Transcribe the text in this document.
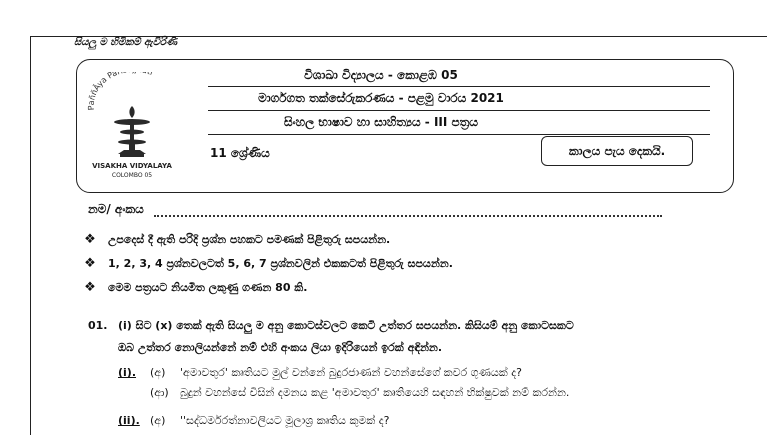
සියලු ම හිමිකම් ඇවිරිණි
PaññĀya Pa i
VISAKHA VIDYALAYA
COLOMBO 05
විශාඛා විද්‍යාලය - කොළඹ 05
මාර්ගගත තක්සේරුකරණය - පළමු වාරය 2021
සිංහල භාෂාව හා සාහිත්‍යය - III පත්‍රය
11 ශ්‍රේණිය	කාලය පැය දෙකයි.
නම/ අංකය
❖ උපදෙස් දී ඇති පරිදි ප්‍රශ්න පහකට පමණක් පිළිතුරු සපයන්න.
❖ 1, 2, 3, 4 ප්‍රශ්නවලටත් 5, 6, 7 ප්‍රශ්නවලින් එකකටත් පිළිතුරු සපයන්න.
❖ මෙම පත්‍රයට නියමිත ලකුණු ගණන 80 කි.
01. (i) සිට (x) තෙක් ඇති සියලු ම අනු කොටස්වලට කෙටි උත්තර සපයන්න. කිසියම් අනු කොටසකට
ඔබ උත්තර නොලියන්නේ නම් එහි අංකය ලියා ඉදිරියෙන් ඉරක් අඳින්න.
(i). (අ) 'අමාවතුර' කෘතියට මුල් වන්නේ බුදුරජාණන් වහන්සේගේ කවර ගුණයක් ද?
(ආ) බුදුන් වහන්සේ විසින් දමනය කළ 'අමාවතුර' කෘතියෙහි සඳහන් භික්ෂුවක් නම් කරන්න.
(ii). (අ) ''සද්ධර්මරත්නාවලියට මූලාශ්‍ර කෘතිය කුමක් ද?
